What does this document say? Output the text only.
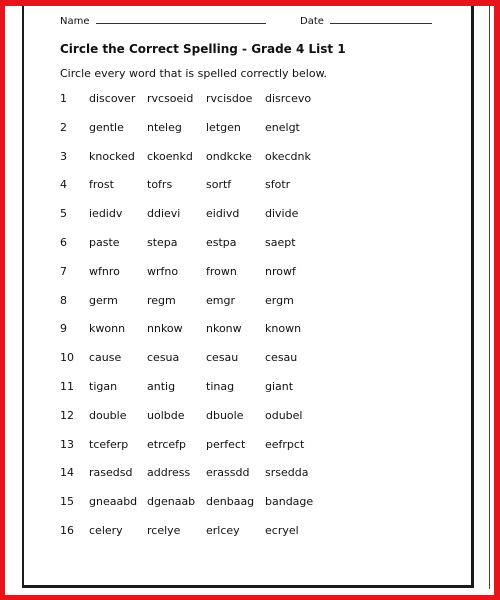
Name	Date
Circle the Correct Spelling - Grade 4 List 1
Circle every word that is spelled correctly below.
1 discover rvcsoeid rvcisdoe disrcevo
2 gentle nteleg letgen enelgt
3 knocked ckoenkd ondkcke okecdnk
4 frost	tofrs	sortf	sfotr
5 iedidv ddievi eidivd divide
6 paste stepa	estpa	saept
7 wfnro wrfno	frown	nrowf
8 germ	regm	emgr	ergm
9 kwonn nnkow nkonw known
10 cause cesua cesau cesau
11 tigan	antig	tinag	giant
12 double uolbde dbuole odubel
13 tceferp etrcefp perfect eefrpct
14 rasedsd address erassdd srsedda
15 gneaabd dgenaab denbaag bandage
16 celery rcelye erlcey ecryel
